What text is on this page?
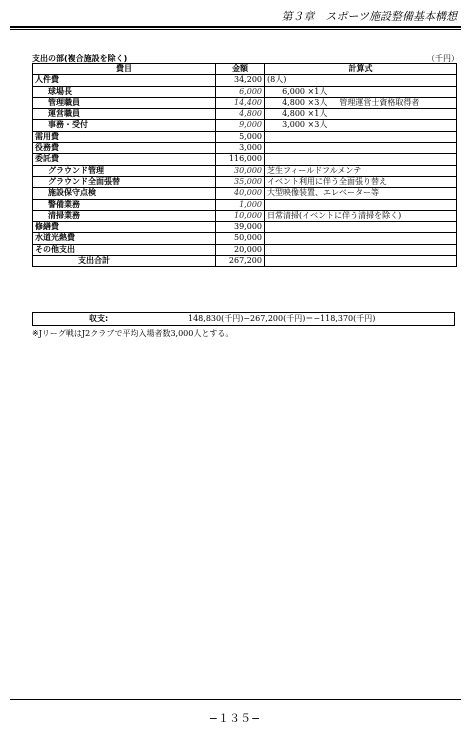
第３章　スポーツ施設整備基本構想
支出の部(複合施設を除く)	（千円）
費目	金額	計算式
人件費	34,200	(8人)
球場長	6,000	6,000 ×1人
管理職員	14,400	4,800 ×3人 管理運営士資格取得者
運営職員	4,800	4,800 ×1人
事務・受付	9,000	3,000 ×3人
需用費	5,000	
役務費	3,000	
委託費	116,000	
グラウンド管理	30,000	芝生フィールドフルメンテ
グラウンド全面張替	35,000	イベント利用に伴う全面張り替え
施設保守点検	40,000	大型映像装置、エレベーター等
警備業務	1,000	
清掃業務	10,000	日常清掃(イベントに伴う清掃を除く)
修繕費	39,000	
水道光熱費	50,000	
その他支出	20,000	
支出合計	267,200	
収支:	148,830(千円)−267,200(千円)＝−118,370(千円)
※Jリーグ戦はJ2クラブで平均入場者数3,000人とする。
−１３５−
